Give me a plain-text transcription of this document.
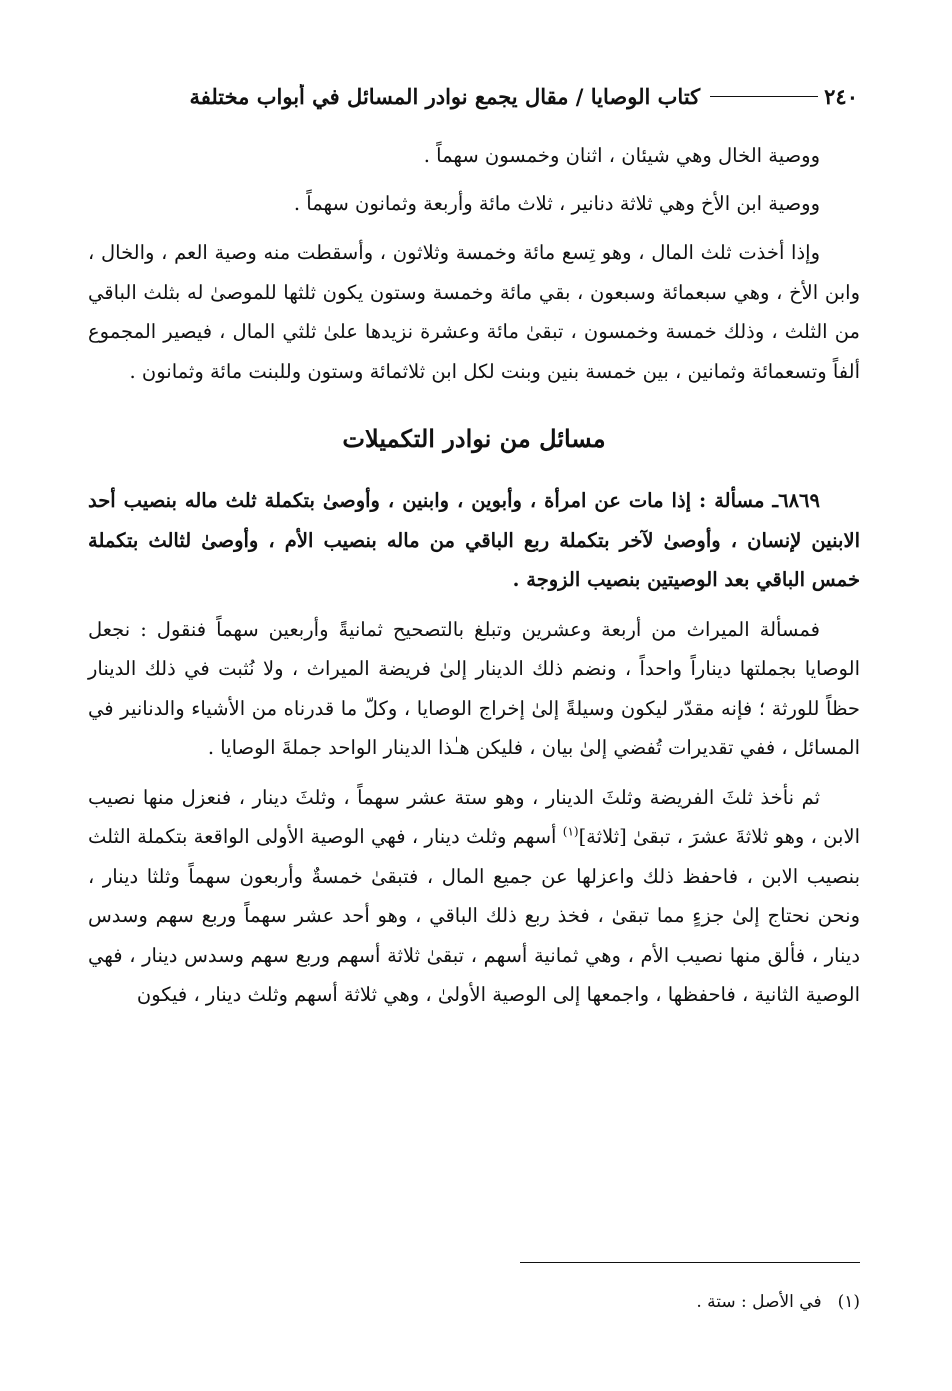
٢٤٠كتاب الوصايا / مقال يجمع نوادر المسائل في أبواب مختلفة

ووصية الخال وهي شيئان ، اثنان وخمسون سهماً .

ووصية ابن الأخ وهي ثلاثة دنانير ، ثلاث مائة وأربعة وثمانون سهماً .

وإذا أخذت ثلث المال ، وهو تِسع مائة وخمسة وثلاثون ، وأسقطت منه وصية العم ، والخال ، وابن الأخ ، وهي سبعمائة وسبعون ، بقي مائة وخمسة وستون يكون ثلثها للموصىٰ له بثلث الباقي من الثلث ، وذلك خمسة وخمسون ، تبقىٰ مائة وعشرة نزيدها علىٰ ثلثي المال ، فيصير المجموع ألفاً وتسعمائة وثمانين ، بين خمسة بنين وبنت لكل ابن ثلاثمائة وستون وللبنت مائة وثمانون .

مسائل من نوادر التكميلات

٦٨٦٩ـ مسألة : إذا مات عن امرأة ، وأبوين ، وابنين ، وأوصىٰ بتكملة ثلث ماله بنصيب أحد الابنين لإنسان ، وأوصىٰ لآخر بتكملة ربع الباقي من ماله بنصيب الأم ، وأوصىٰ لثالث بتكملة خمس الباقي بعد الوصيتين بنصيب الزوجة .

فمسألة الميراث من أربعة وعشرين وتبلغ بالتصحيح ثمانيةً وأربعين سهماً فنقول : نجعل الوصايا بجملتها ديناراً واحداً ، ونضم ذلك الدينار إلىٰ فريضة الميراث ، ولا نُثبت في ذلك الدينار حظاً للورثة ؛ فإنه مقدّر ليكون وسيلةً إلىٰ إخراج الوصايا ، وكلّ ما قدرناه من الأشياء والدنانير في المسائل ، ففي تقديرات تُفضي إلىٰ بيان ، فليكن هـٰذا الدينار الواحد جملةَ الوصايا .

ثم نأخذ ثلثَ الفريضة وثلثَ الدينار ، وهو ستة عشر سهماً ، وثلثَ دينار ، فنعزل منها نصيب الابن ، وهو ثلاثةَ عشرَ ، تبقىٰ [ثلاثة]$^{(١)}$ أسهم وثلث دينار ، فهي الوصية الأولى الواقعة بتكملة الثلث بنصيب الابن ، فاحفظ ذلك واعزلها عن جميع المال ، فتبقىٰ خمسةٌ وأربعون سهماً وثلثا دينار ، ونحن نحتاج إلىٰ جزءٍ مما تبقىٰ ، فخذ ربع ذلك الباقي ، وهو أحد عشر سهماً وربع سهم وسدس دينار ، فألق منها نصيب الأم ، وهي ثمانية أسهم ، تبقىٰ ثلاثة أسهم وربع سهم وسدس دينار ، فهي الوصية الثانية ، فاحفظها ، واجمعها إلى الوصية الأولىٰ ، وهي ثلاثة أسهم وثلث دينار ، فيكون

(١)في الأصل : ستة .
